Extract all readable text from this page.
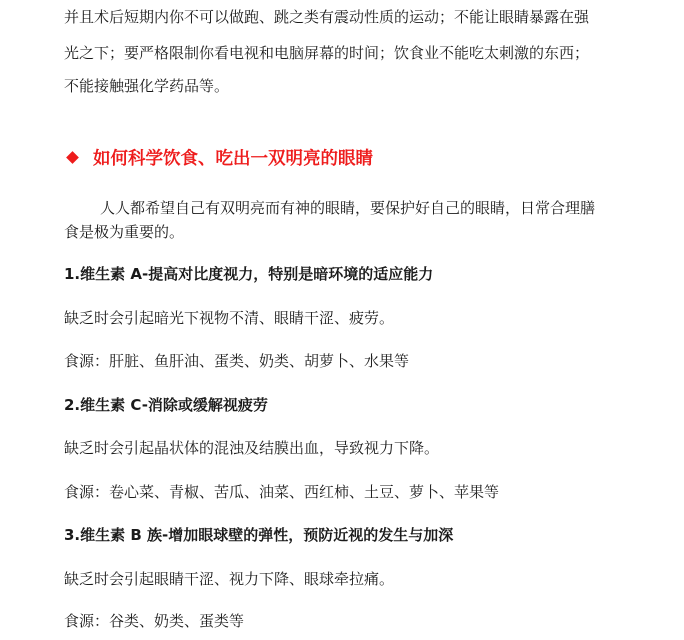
并且术后短期内你不可以做跑、跳之类有震动性质的运动；不能让眼睛暴露在强
光之下；要严格限制你看电视和电脑屏幕的时间；饮食业不能吃太刺激的东西；
不能接触强化学药品等。
如何科学饮食、吃出一双明亮的眼睛
人人都希望自己有双明亮而有神的眼睛，要保护好自己的眼睛，日常合理膳
食是极为重要的。
1.维生素 A-提高对比度视力，特别是暗环境的适应能力
缺乏时会引起暗光下视物不清、眼睛干涩、疲劳。
食源：肝脏、鱼肝油、蛋类、奶类、胡萝卜、水果等
2.维生素 C-消除或缓解视疲劳
缺乏时会引起晶状体的混浊及结膜出血，导致视力下降。
食源：卷心菜、青椒、苦瓜、油菜、西红柿、土豆、萝卜、苹果等
3.维生素 B 族-增加眼球壁的弹性，预防近视的发生与加深
缺乏时会引起眼睛干涩、视力下降、眼球牵拉痛。
食源：谷类、奶类、蛋类等
